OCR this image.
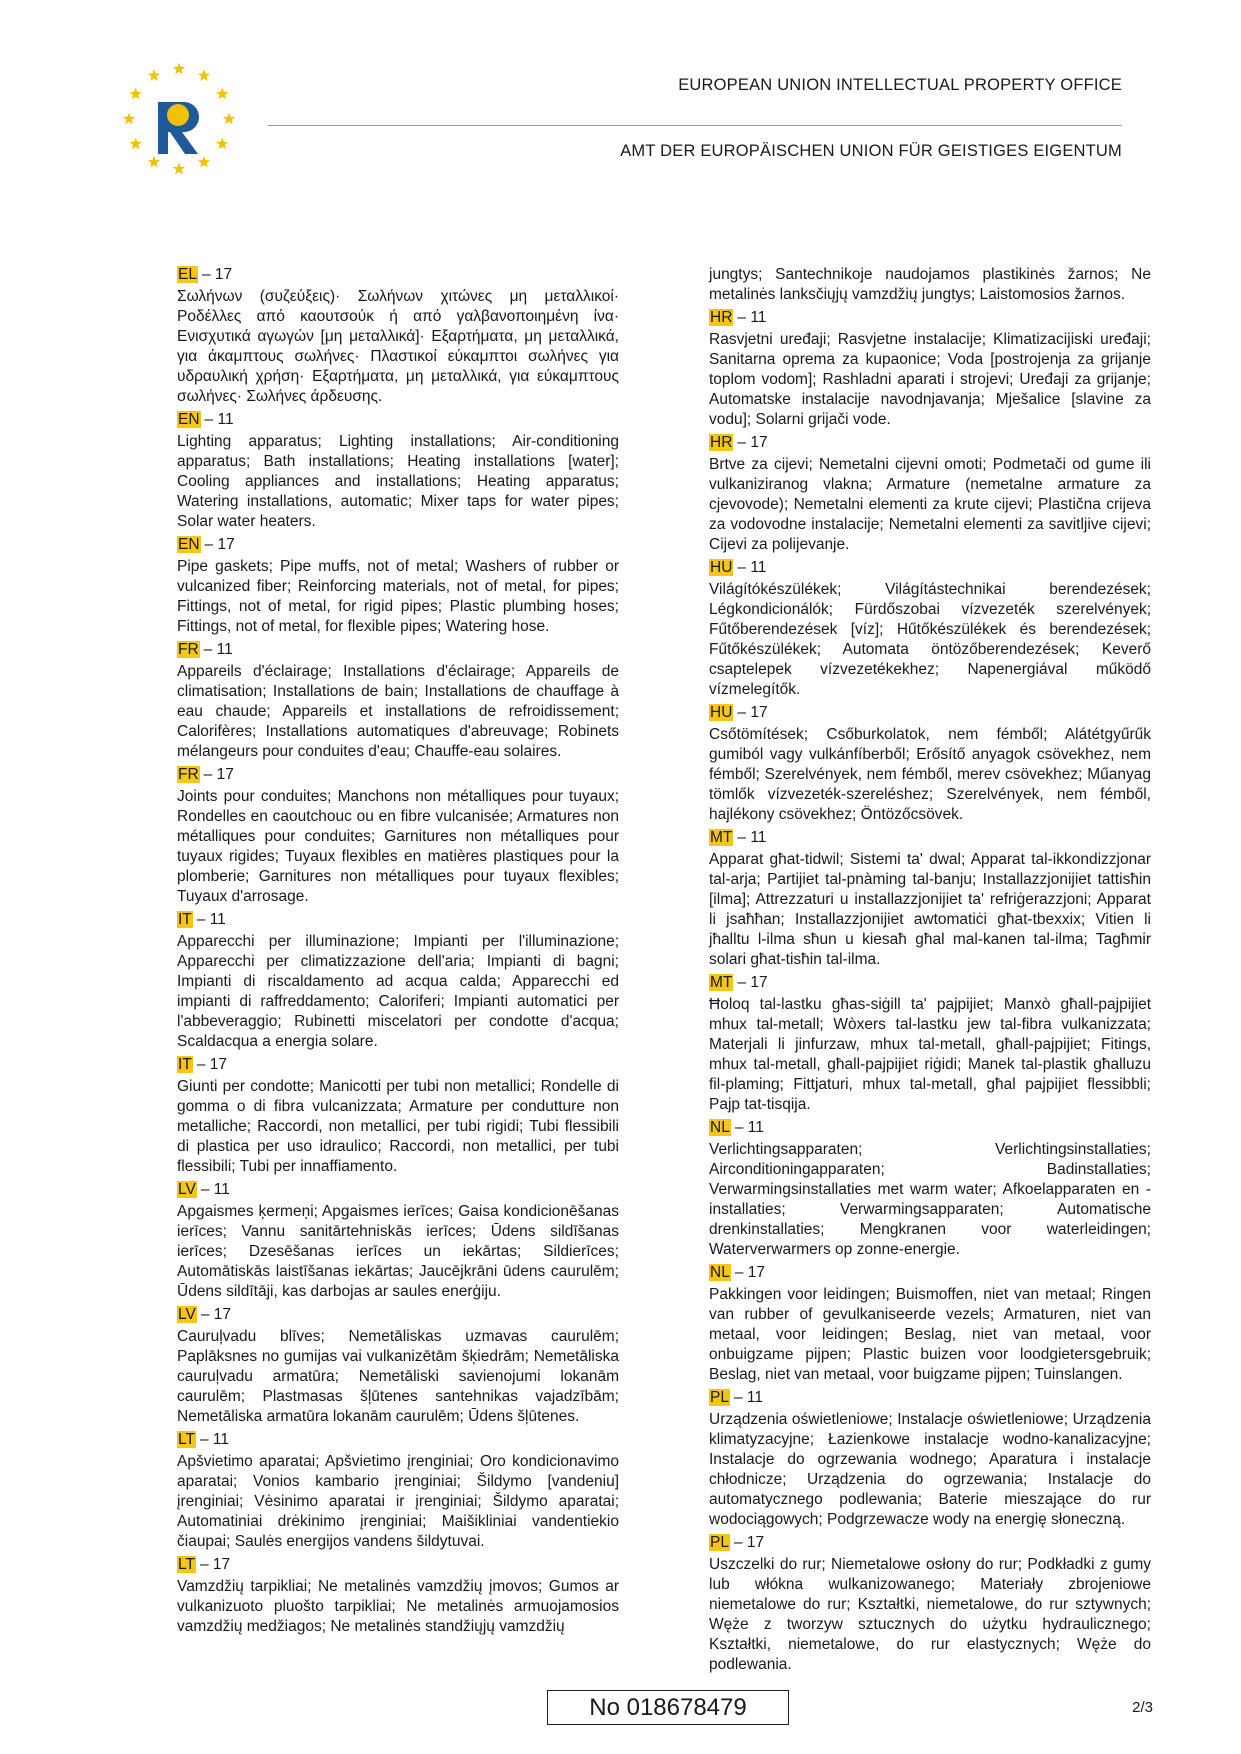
EUROPEAN UNION INTELLECTUAL PROPERTY OFFICE
AMT DER EUROPÄISCHEN UNION FÜR GEISTIGES EIGENTUM
EL – 17
Σωλήνων (συζεύξεις)· Σωλήνων χιτώνες μη μεταλλικοί· Ροδέλλες από καουτσούκ ή από γαλβανοποιημένη ίνα· Ενισχυτικά αγωγών [μη μεταλλικά]· Εξαρτήματα, μη μεταλλικά, για άκαμπτους σωλήνες· Πλαστικοί εύκαμπτοι σωλήνες για υδραυλική χρήση· Εξαρτήματα, μη μεταλλικά, για εύκαμπτους σωλήνες· Σωλήνες άρδευσης.
EN – 11
Lighting apparatus; Lighting installations; Air-conditioning apparatus; Bath installations; Heating installations [water]; Cooling appliances and installations; Heating apparatus; Watering installations, automatic; Mixer taps for water pipes; Solar water heaters.
EN – 17
Pipe gaskets; Pipe muffs, not of metal; Washers of rubber or vulcanized fiber; Reinforcing materials, not of metal, for pipes; Fittings, not of metal, for rigid pipes; Plastic plumbing hoses; Fittings, not of metal, for flexible pipes; Watering hose.
FR – 11
Appareils d'éclairage; Installations d'éclairage; Appareils de climatisation; Installations de bain; Installations de chauffage à eau chaude; Appareils et installations de refroidissement; Calorifères; Installations automatiques d'abreuvage; Robinets mélangeurs pour conduites d'eau; Chauffe-eau solaires.
FR – 17
Joints pour conduites; Manchons non métalliques pour tuyaux; Rondelles en caoutchouc ou en fibre vulcanisée; Armatures non métalliques pour conduites; Garnitures non métalliques pour tuyaux rigides; Tuyaux flexibles en matières plastiques pour la plomberie; Garnitures non métalliques pour tuyaux flexibles; Tuyaux d'arrosage.
IT – 11
Apparecchi per illuminazione; Impianti per l'illuminazione; Apparecchi per climatizzazione dell'aria; Impianti di bagni; Impianti di riscaldamento ad acqua calda; Apparecchi ed impianti di raffreddamento; Caloriferi; Impianti automatici per l'abbeveraggio; Rubinetti miscelatori per condotte d'acqua; Scaldacqua a energia solare.
IT – 17
Giunti per condotte; Manicotti per tubi non metallici; Rondelle di gomma o di fibra vulcanizzata; Armature per condutture non metalliche; Raccordi, non metallici, per tubi rigidi; Tubi flessibili di plastica per uso idraulico; Raccordi, non metallici, per tubi flessibili; Tubi per innaffiamento.
LV – 11
Apgaismes ķermeņi; Apgaismes ierīces; Gaisa kondicionēšanas ierīces; Vannu sanitārtehniskās ierīces; Ūdens sildīšanas ierīces; Dzesēšanas ierīces un iekārtas; Sildierīces; Automātiskās laistīšanas iekārtas; Jaucējkrāni ūdens caurulēm; Ūdens sildītāji, kas darbojas ar saules enerģiju.
LV – 17
Cauruļvadu blīves; Nemetāliskas uzmavas caurulēm; Paplāksnes no gumijas vai vulkanizētām šķiedrām; Nemetāliska cauruļvadu armatūra; Nemetāliski savienojumi lokanām caurulēm; Plastmasas šļūtenes santehnikas vajadzībām; Nemetāliska armatūra lokanām caurulēm; Ūdens šļūtenes.
LT – 11
Apšvietimo aparatai; Apšvietimo įrenginiai; Oro kondicionavimo aparatai; Vonios kambario įrenginiai; Šildymo [vandeniu] įrenginiai; Vėsinimo aparatai ir įrenginiai; Šildymo aparatai; Automatiniai drėkinimo įrenginiai; Maišikliniai vandentiekio čiaupai; Saulės energijos vandens šildytuvai.
LT – 17
Vamzdžių tarpikliai; Ne metalinės vamzdžių įmovos; Gumos ar vulkanizuoto pluošto tarpikliai; Ne metalinės armuojamosios vamzdžių medžiagos; Ne metalinės standžiųjų vamzdžių
jungtys; Santechnikoje naudojamos plastikinės žarnos; Ne metalinės lanksčiųjų vamzdžių jungtys; Laistomosios žarnos.
HR – 11
Rasvjetni uređaji; Rasvjetne instalacije; Klimatizacijiski uređaji; Sanitarna oprema za kupaonice; Voda [postrojenja za grijanje toplom vodom]; Rashladni aparati i strojevi; Uređaji za grijanje; Automatske instalacije navodnjavanja; Mješalice [slavine za vodu]; Solarni grijači vode.
HR – 17
Brtve za cijevi; Nemetalni cijevni omoti; Podmetači od gume ili vulkaniziranog vlakna; Armature (nemetalne armature za cjevovode); Nemetalni elementi za krute cijevi; Plastična crijeva za vodovodne instalacije; Nemetalni elementi za savitljive cijevi; Cijevi za polijevanje.
HU – 11
Világítókészülékek; Világítástechnikai berendezések; Légkondicionálók; Fürdőszobai vízvezeték szerelvények; Fűtőberendezések [víz]; Hűtőkészülékek és berendezések; Fűtőkészülékek; Automata öntözőberendezések; Keverő csaptelepek vízvezetékekhez; Napenergiával működő vízmelegítők.
HU – 17
Csőtömítések; Csőburkolatok, nem fémből; Alátétgyűrűk gumiból vagy vulkánfíberből; Erősítő anyagok csövekhez, nem fémből; Szerelvények, nem fémből, merev csövekhez; Műanyag tömlők vízvezeték-szereléshez; Szerelvények, nem fémből, hajlékony csövekhez; Öntözőcsövek.
MT – 11
Apparat għat-tidwil; Sistemi ta' dwal; Apparat tal-ikkondizzjonar tal-arja; Partijiet tal-pnàming tal-banju; Installazzjonijiet tattisħin [ilma]; Attrezzaturi u installazzjonijiet ta' refriġerazzjoni; Apparat li jsaħħan; Installazzjonijiet awtomatiċi għat-tbexxix; Vitien li jħalltu l-ilma sħun u kiesaħ għal mal-kanen tal-ilma; Tagħmir solari għat-tisħin tal-ilma.
MT – 17
Ħoloq tal-lastku għas-siġill ta' pajpijiet; Manxò għall-pajpijiet mhux tal-metall; Wòxers tal-lastku jew tal-fibra vulkanizzata; Materjali li jinfurzaw, mhux tal-metall, għall-pajpijiet; Fitings, mhux tal-metall, għall-pajpijiet riġidi; Manek tal-plastik għalluzu fil-plaming; Fittjaturi, mhux tal-metall, għal pajpijiet flessibbli; Pajp tat-tisqija.
NL – 11
Verlichtingsapparaten; Verlichtingsinstallaties; Airconditioningapparaten; Badinstallaties; Verwarmingsinstallaties met warm water; Afkoelapparaten en -installaties; Verwarmingsapparaten; Automatische drenkinstallaties; Mengkranen voor waterleidingen; Waterverwarmers op zonne-energie.
NL – 17
Pakkingen voor leidingen; Buismoffen, niet van metaal; Ringen van rubber of gevulkaniseerde vezels; Armaturen, niet van metaal, voor leidingen; Beslag, niet van metaal, voor onbuigzame pijpen; Plastic buizen voor loodgietersgebruik; Beslag, niet van metaal, voor buigzame pijpen; Tuinslangen.
PL – 11
Urządzenia oświetleniowe; Instalacje oświetleniowe; Urządzenia klimatyzacyjne; Łazienkowe instalacje wodno-kanalizacyjne; Instalacje do ogrzewania wodnego; Aparatura i instalacje chłodnicze; Urządzenia do ogrzewania; Instalacje do automatycznego podlewania; Baterie mieszające do rur wodociągowych; Podgrzewacze wody na energię słoneczną.
PL – 17
Uszczelki do rur; Niemetalowe osłony do rur; Podkładki z gumy lub włókna wulkanizowanego; Materiały zbrojeniowe niemetalowe do rur; Kształtki, niemetalowe, do rur sztywnych; Węże z tworzyw sztucznych do użytku hydraulicznego; Kształtki, niemetalowe, do rur elastycznych; Węże do podlewania.
No 018678479	2/3
